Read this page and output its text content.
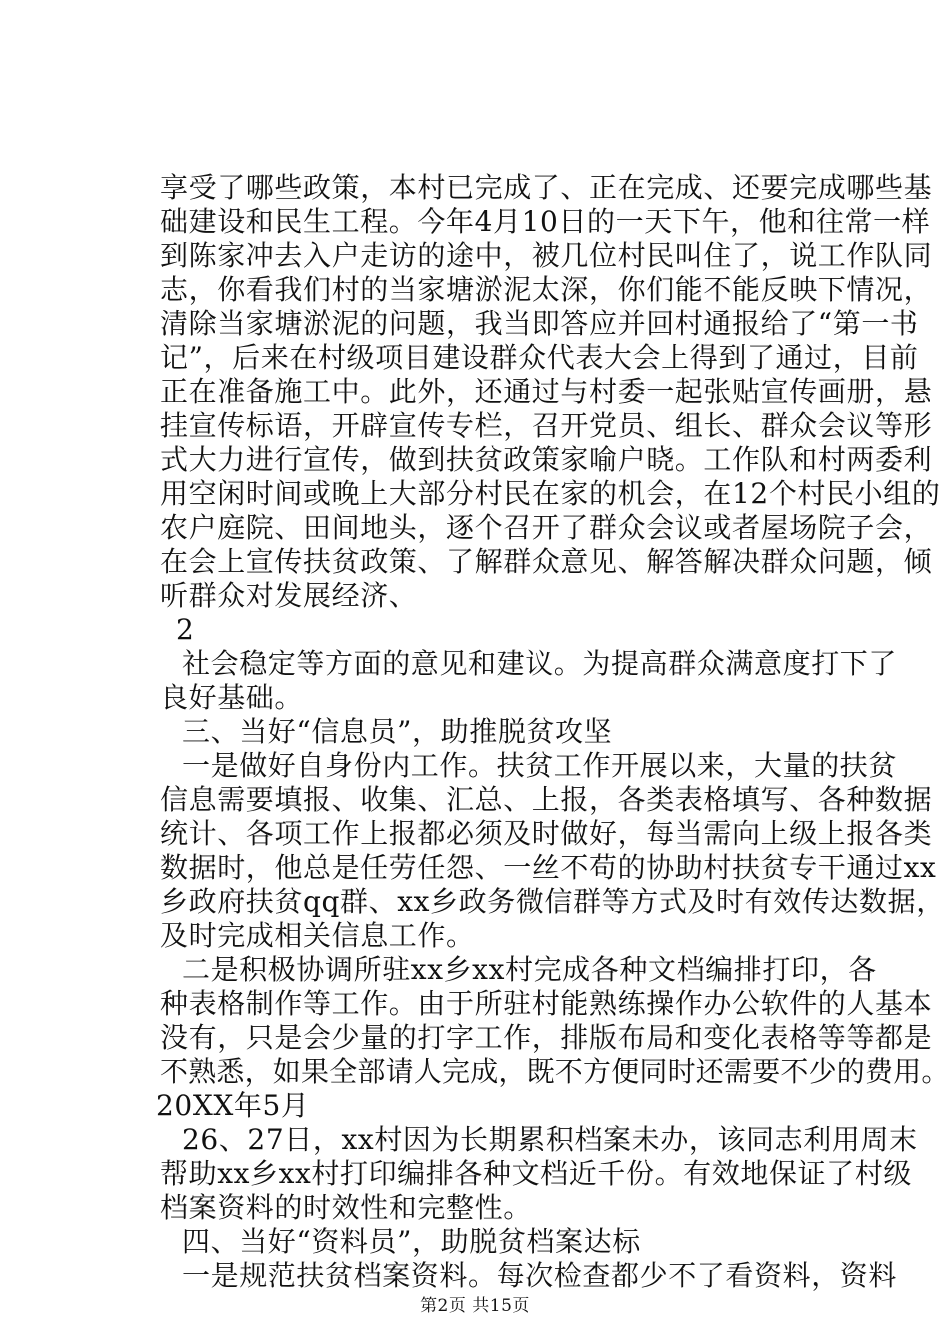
享受了哪些政策，本村已完成了、正在完成、还要完成哪些基
础建设和民生工程。今年4月10日的一天下午，他和往常一样
到陈家冲去入户走访的途中，被几位村民叫住了，说工作队同
志，你看我们村的当家塘淤泥太深，你们能不能反映下情况，
清除当家塘淤泥的问题，我当即答应并回村通报给了“第一书
记”，后来在村级项目建设群众代表大会上得到了通过，目前
正在准备施工中。此外，还通过与村委一起张贴宣传画册，悬
挂宣传标语，开辟宣传专栏，召开党员、组长、群众会议等形
式大力进行宣传，做到扶贫政策家喻户晓。工作队和村两委利
用空闲时间或晚上大部分村民在家的机会，在12个村民小组的
农户庭院、田间地头，逐个召开了群众会议或者屋场院子会，
在会上宣传扶贫政策、了解群众意见、解答解决群众问题，倾
听群众对发展经济、
2
社会稳定等方面的意见和建议。为提高群众满意度打下了
良好基础。
三、当好“信息员”，助推脱贫攻坚
一是做好自身份内工作。扶贫工作开展以来，大量的扶贫
信息需要填报、收集、汇总、上报，各类表格填写、各种数据
统计、各项工作上报都必须及时做好，每当需向上级上报各类
数据时，他总是任劳任怨、一丝不苟的协助村扶贫专干通过xx
乡政府扶贫qq群、xx乡政务微信群等方式及时有效传达数据，
及时完成相关信息工作。
二是积极协调所驻xx乡xx村完成各种文档编排打印，各
种表格制作等工作。由于所驻村能熟练操作办公软件的人基本
没有，只是会少量的打字工作，排版布局和变化表格等等都是
不熟悉，如果全部请人完成，既不方便同时还需要不少的费用。
20XX年5月
26、27日，xx村因为长期累积档案未办，该同志利用周末
帮助xx乡xx村打印编排各种文档近千份。有效地保证了村级
档案资料的时效性和完整性。
四、当好“资料员”，助脱贫档案达标
一是规范扶贫档案资料。每次检查都少不了看资料，资料
第2页 共15页
